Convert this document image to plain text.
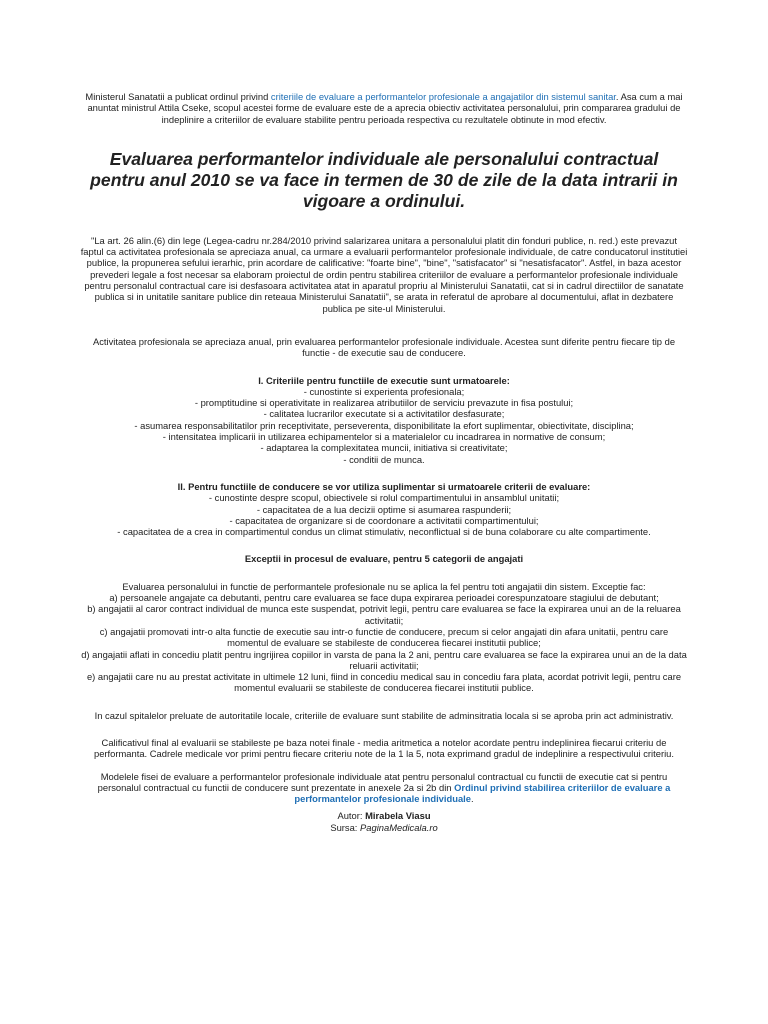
Ministerul Sanatatii a publicat ordinul privind criteriile de evaluare a performantelor profesionale a angajatilor din sistemul sanitar. Asa cum a mai anuntat ministrul Attila Cseke, scopul acestei forme de evaluare este de a aprecia obiectiv activitatea personalului, prin compararea gradului de indeplinire a criteriilor de evaluare stabilite pentru perioada respectiva cu rezultatele obtinute in mod efectiv.

Evaluarea performantelor individuale ale personalului contractual pentru anul 2010 se va face in termen de 30 de zile de la data intrarii in vigoare a ordinului.

"La art. 26 alin.(6) din lege (Legea-cadru nr.284/2010 privind salarizarea unitara a personalului platit din fonduri publice, n. red.) este prevazut faptul ca activitatea profesionala se apreciaza anual, ca urmare a evaluarii performantelor profesionale individuale, de catre conducatorul institutiei publice, la propunerea sefului ierarhic, prin acordare de calificative: "foarte bine", "bine", "satisfacator" si "nesatisfacator". Astfel, in baza acestor prevederi legale a fost necesar sa elaboram proiectul de ordin pentru stabilirea criteriilor de evaluare a performantelor profesionale individuale pentru personalul contractual care isi desfasoara activitatea atat in aparatul propriu al Ministerului Sanatatii, cat si in cadrul directiilor de sanatate publica si in unitatile sanitare publice din reteaua Ministerului Sanatatii", se arata in referatul de aprobare al documentului, aflat in dezbatere publica pe site-ul Ministerului.

Activitatea profesionala se apreciaza anual, prin evaluarea performantelor profesionale individuale. Acestea sunt diferite pentru fiecare tip de functie - de executie sau de conducere.

I. Criteriile pentru functiile de executie sunt urmatoarele:
- cunostinte si experienta profesionala;
- promptitudine si operativitate in realizarea atributiilor de serviciu prevazute in fisa postului;
- calitatea lucrarilor executate si a activitatilor desfasurate;
- asumarea responsabilitatilor prin receptivitate, perseverenta, disponibilitate la efort suplimentar, obiectivitate, disciplina;
- intensitatea implicarii in utilizarea echipamentelor si a materialelor cu incadrarea in normative de consum;
- adaptarea la complexitatea muncii, initiativa si creativitate;
- conditii de munca.
II. Pentru functiile de conducere se vor utiliza suplimentar si urmatoarele criterii de evaluare:
- cunostinte despre scopul, obiectivele si rolul compartimentului in ansamblul unitatii;
- capacitatea de a lua decizii optime si asumarea raspunderii;
- capacitatea de organizare si de coordonare a activitatii compartimentului;
- capacitatea de a crea in compartimentul condus un climat stimulativ, neconflictual si de buna colaborare cu alte compartimente.

Exceptii in procesul de evaluare, pentru 5 categorii de angajati

Evaluarea personalului in functie de performantele profesionale nu se aplica la fel pentru toti angajatii din sistem. Exceptie fac:
a) persoanele angajate ca debutanti, pentru care evaluarea se face dupa expirarea perioadei corespunzatoare stagiului de debutant;
b) angajatii al caror contract individual de munca este suspendat, potrivit legii, pentru care evaluarea se face la expirarea unui an de la reluarea activitatii;
c) angajatii promovati intr-o alta functie de executie sau intr-o functie de conducere, precum si celor angajati din afara unitatii, pentru care momentul de evaluare se stabileste de conducerea fiecarei institutii publice;
d) angajatii aflati in concediu platit pentru ingrijirea copiilor in varsta de pana la 2 ani, pentru care evaluarea se face la expirarea unui an de la data reluarii activitatii;
e) angajatii care nu au prestat activitate in ultimele 12 luni, fiind in concediu medical sau in concediu fara plata, acordat potrivit legii, pentru care momentul evaluarii se stabileste de conducerea fiecarei institutii publice.

In cazul spitalelor preluate de autoritatile locale, criteriile de evaluare sunt stabilite de adminsitratia locala si se aproba prin act administrativ.

Calificativul final al evaluarii se stabileste pe baza notei finale - media aritmetica a notelor acordate pentru indeplinirea fiecarui criteriu de performanta. Cadrele medicale vor primi pentru fiecare criteriu note de la 1 la 5, nota exprimand gradul de indeplinire a respectivului criteriu.

Modelele fisei de evaluare a performantelor profesionale individuale atat pentru personalul contractual cu functii de executie cat si pentru personalul contractual cu functii de conducere sunt prezentate in anexele 2a si 2b din Ordinul privind stabilirea criteriilor de evaluare a performantelor profesionale individuale.

Autor: Mirabela Viasu

Sursa: PaginaMedicala.ro
